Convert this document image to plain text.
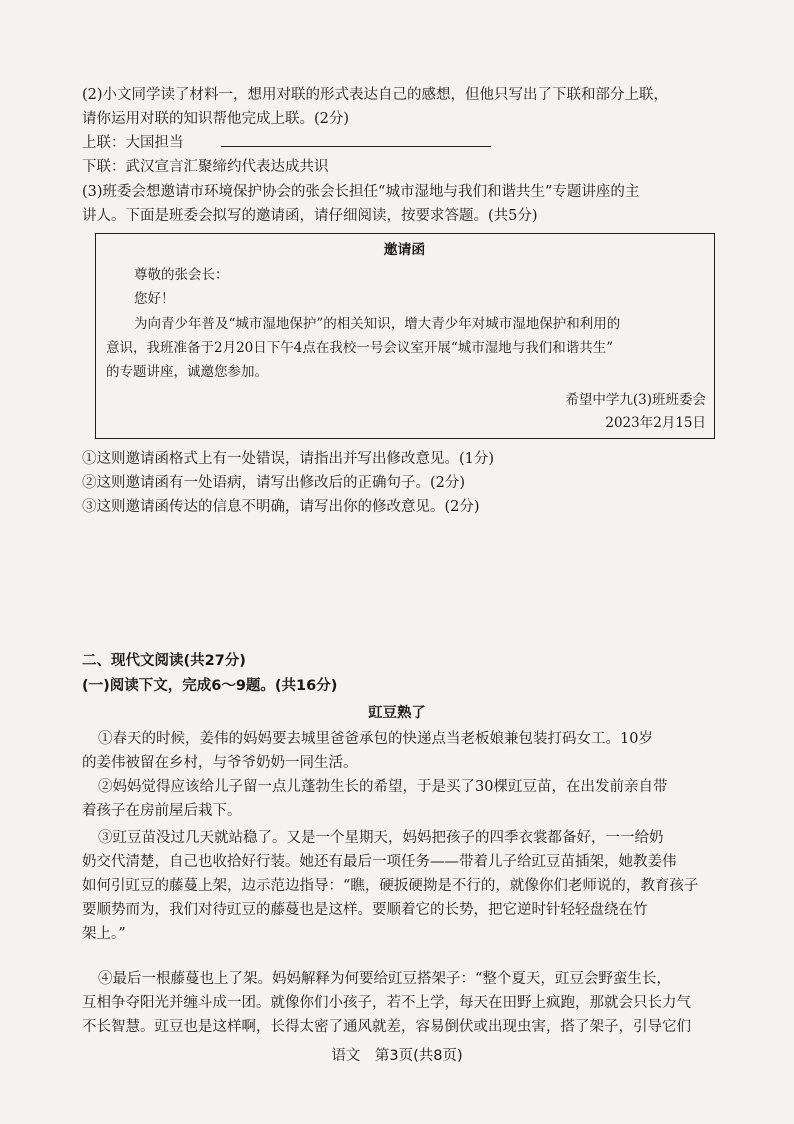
(2)小文同学读了材料一，想用对联的形式表达自己的感想，但他只写出了下联和部分上联，
请你运用对联的知识帮他完成上联。(2分)
上联：大国担当
下联：武汉宣言汇聚缔约代表达成共识
(3)班委会想邀请市环境保护协会的张会长担任“城市湿地与我们和谐共生”专题讲座的主
讲人。下面是班委会拟写的邀请函，请仔细阅读，按要求答题。(共5分)
邀请函
尊敬的张会长：
您好！
为向青少年普及“城市湿地保护”的相关知识，增大青少年对城市湿地保护和利用的
意识，我班准备于2月20日下午4点在我校一号会议室开展“城市湿地与我们和谐共生”
的专题讲座，诚邀您参加。
希望中学九(3)班班委会
2023年2月15日
①这则邀请函格式上有一处错误，请指出并写出修改意见。(1分)
②这则邀请函有一处语病，请写出修改后的正确句子。(2分)
③这则邀请函传达的信息不明确，请写出你的修改意见。(2分)
二、现代文阅读(共27分)
(一)阅读下文，完成6～9题。(共16分)
豇豆熟了
①春天的时候，姜伟的妈妈要去城里爸爸承包的快递点当老板娘兼包装打码女工。10岁
的姜伟被留在乡村，与爷爷奶奶一同生活。
②妈妈觉得应该给儿子留一点儿蓬勃生长的希望，于是买了30棵豇豆苗，在出发前亲自带
着孩子在房前屋后栽下。
③豇豆苗没过几天就站稳了。又是一个星期天，妈妈把孩子的四季衣裳都备好，一一给奶
奶交代清楚，自己也收拾好行装。她还有最后一项任务——带着儿子给豇豆苗插架，她教姜伟
如何引豇豆的藤蔓上架，边示范边指导：“瞧，硬扳硬拗是不行的，就像你们老师说的，教育孩子
要顺势而为，我们对待豇豆的藤蔓也是这样。要顺着它的长势，把它逆时针轻轻盘绕在竹
架上。”
④最后一根藤蔓也上了架。妈妈解释为何要给豇豆搭架子：“整个夏天，豇豆会野蛮生长，
互相争夺阳光并缠斗成一团。就像你们小孩子，若不上学，每天在田野上疯跑，那就会只长力气
不长智慧。豇豆也是这样啊，长得太密了通风就差，容易倒伏或出现虫害，搭了架子，引导它们
语文　第3页(共8页)
